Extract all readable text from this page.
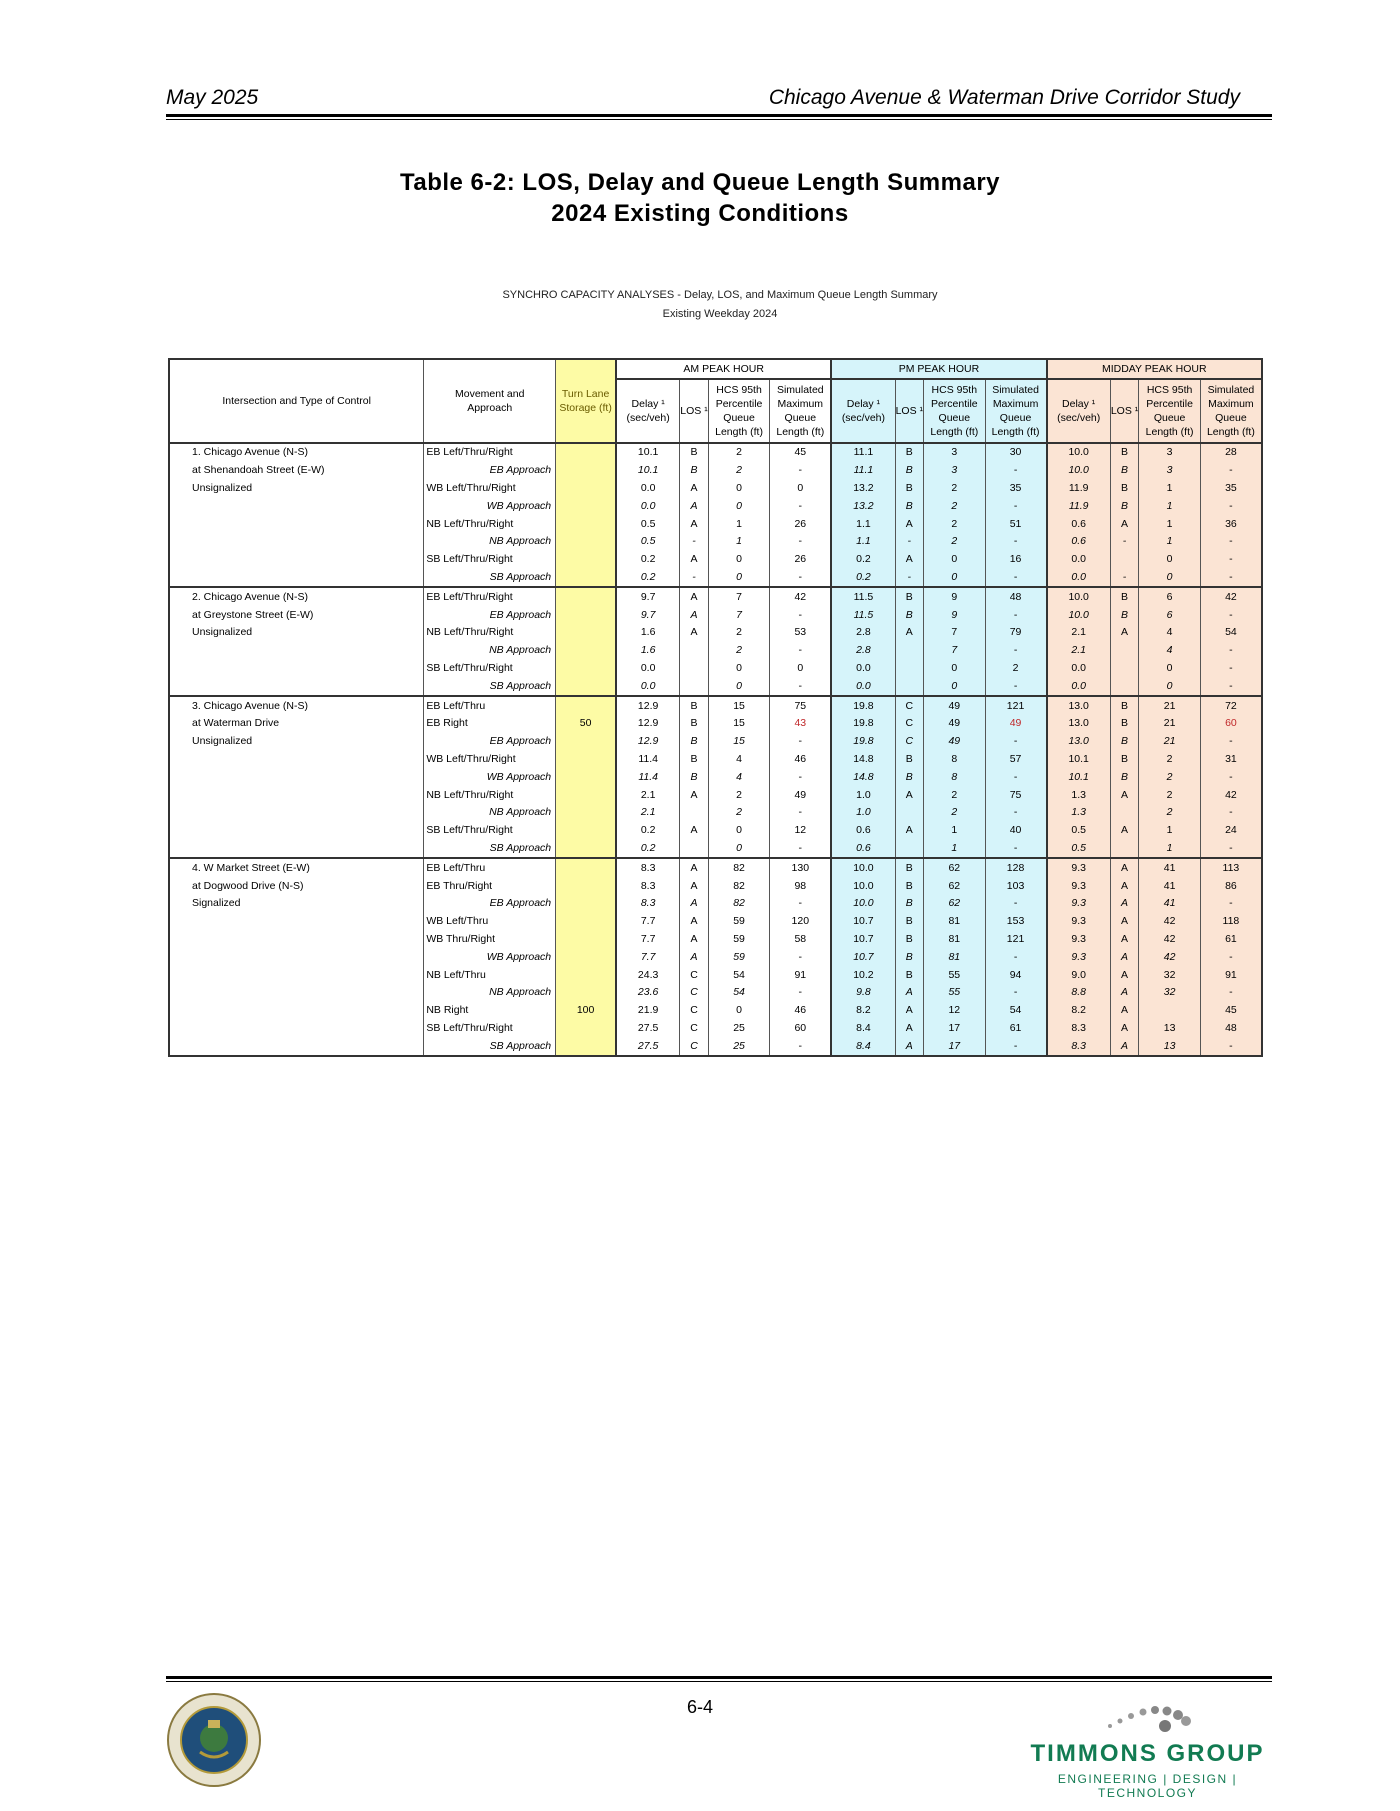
May 2025	Chicago Avenue & Waterman Drive Corridor Study
Table 6-2: LOS, Delay and Queue Length Summary
2024 Existing Conditions
SYNCHRO CAPACITY ANALYSES - Delay, LOS, and Maximum Queue Length Summary
Existing Weekday 2024
Intersection and Type of Control	Movement and Approach	Turn Lane Storage (ft)	AM PEAK HOUR				PM PEAK HOUR				MIDDAY PEAK HOUR			
			Delay ¹ (sec/veh)	LOS ¹	HCS 95th Percentile Queue Length (ft)	Simulated Maximum Queue Length (ft)	Delay ¹ (sec/veh)	LOS ¹	HCS 95th Percentile Queue Length (ft)	Simulated Maximum Queue Length (ft)	Delay ¹ (sec/veh)	LOS ¹	HCS 95th Percentile Queue Length (ft)	Simulated Maximum Queue Length (ft)
1. Chicago Avenue (N-S)	EB Left/Thru/Right		10.1	B	2	45	11.1	B	3	30	10.0	B	3	28
at Shenandoah Street (E-W)	EB Approach		10.1	B	2	-	11.1	B	3	-	10.0	B	3	-
Unsignalized	WB Left/Thru/Right		0.0	A	0	0	13.2	B	2	35	11.9	B	1	35
	WB Approach		0.0	A	0	-	13.2	B	2	-	11.9	B	1	-
	NB Left/Thru/Right		0.5	A	1	26	1.1	A	2	51	0.6	A	1	36
	NB Approach		0.5	-	1	-	1.1	-	2	-	0.6	-	1	-
	SB Left/Thru/Right		0.2	A	0	26	0.2	A	0	16	0.0		0	-
	SB Approach		0.2	-	0	-	0.2	-	0	-	0.0	-	0	-
2. Chicago Avenue (N-S)	EB Left/Thru/Right		9.7	A	7	42	11.5	B	9	48	10.0	B	6	42
at Greystone Street (E-W)	EB Approach		9.7	A	7	-	11.5	B	9	-	10.0	B	6	-
Unsignalized	NB Left/Thru/Right		1.6	A	2	53	2.8	A	7	79	2.1	A	4	54
	NB Approach		1.6		2	-	2.8		7	-	2.1		4	-
	SB Left/Thru/Right		0.0		0	0	0.0		0	2	0.0		0	-
	SB Approach		0.0		0	-	0.0		0	-	0.0		0	-
3. Chicago Avenue (N-S)	EB Left/Thru		12.9	B	15	75	19.8	C	49	121	13.0	B	21	72
at Waterman Drive	EB Right	50	12.9	B	15	43	19.8	C	49	49	13.0	B	21	60
Unsignalized	EB Approach		12.9	B	15	-	19.8	C	49	-	13.0	B	21	-
	WB Left/Thru/Right		11.4	B	4	46	14.8	B	8	57	10.1	B	2	31
	WB Approach		11.4	B	4	-	14.8	B	8	-	10.1	B	2	-
	NB Left/Thru/Right		2.1	A	2	49	1.0	A	2	75	1.3	A	2	42
	NB Approach		2.1		2	-	1.0		2	-	1.3		2	-
	SB Left/Thru/Right		0.2	A	0	12	0.6	A	1	40	0.5	A	1	24
	SB Approach		0.2		0	-	0.6		1	-	0.5		1	-
4. W Market Street (E-W)	EB Left/Thru		8.3	A	82	130	10.0	B	62	128	9.3	A	41	113
at Dogwood Drive (N-S)	EB Thru/Right		8.3	A	82	98	10.0	B	62	103	9.3	A	41	86
Signalized	EB Approach		8.3	A	82	-	10.0	B	62	-	9.3	A	41	-
	WB Left/Thru		7.7	A	59	120	10.7	B	81	153	9.3	A	42	118
	WB Thru/Right		7.7	A	59	58	10.7	B	81	121	9.3	A	42	61
	WB Approach		7.7	A	59	-	10.7	B	81	-	9.3	A	42	-
	NB Left/Thru		24.3	C	54	91	10.2	B	55	94	9.0	A	32	91
	NB Approach		23.6	C	54	-	9.8	A	55	-	8.8	A	32	-
	NB Right	100	21.9	C	0	46	8.2	A	12	54	8.2	A		45
	SB Left/Thru/Right		27.5	C	25	60	8.4	A	17	61	8.3	A	13	48
	SB Approach		27.5	C	25	-	8.4	A	17	-	8.3	A	13	-
6-4
TIMMONS GROUP
ENGINEERING | DESIGN | TECHNOLOGY
